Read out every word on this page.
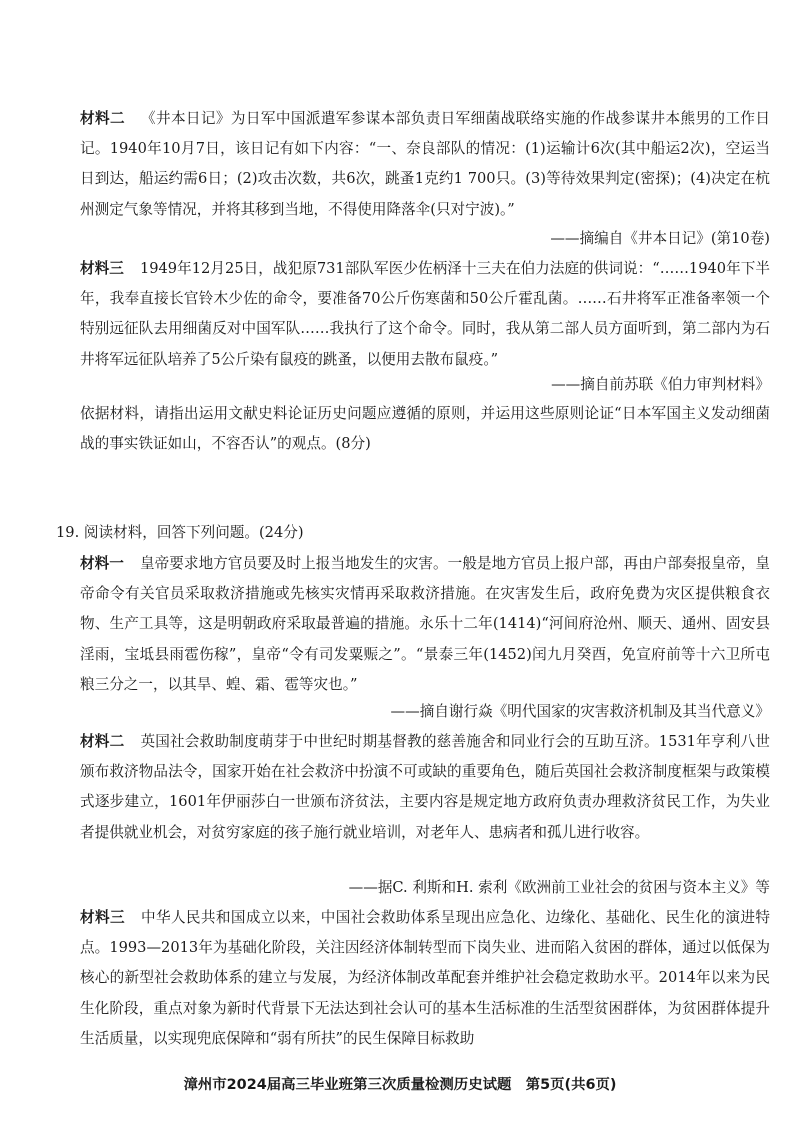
材料二 《井本日记》为日军中国派遣军参谋本部负责日军细菌战联络实施的作战参谋井本熊男的工作日记。1940年10月7日，该日记有如下内容：“一、奈良部队的情况：(1)运输计6次(其中船运2次)，空运当日到达，船运约需6日；(2)攻击次数，共6次，跳蚤1克约1 700只。(3)等待效果判定(密探)；(4)决定在杭州测定气象等情况，并将其移到当地，不得使用降落伞(只对宁波)。”

——摘编自《井本日记》(第10卷)

材料三 1949年12月25日，战犯原731部队军医少佐柄泽十三夫在伯力法庭的供词说：“……1940年下半年，我奉直接长官铃木少佐的命令，要准备70公斤伤寒菌和50公斤霍乱菌。……石井将军正准备率领一个特别远征队去用细菌反对中国军队……我执行了这个命令。同时，我从第二部人员方面听到，第二部内为石井将军远征队培养了5公斤染有鼠疫的跳蚤，以便用去散布鼠疫。”

——摘自前苏联《伯力审判材料》

依据材料，请指出运用文献史料论证历史问题应遵循的原则，并运用这些原则论证“日本军国主义发动细菌战的事实铁证如山，不容否认”的观点。(8分)

19. 阅读材料，回答下列问题。(24分)

材料一 皇帝要求地方官员要及时上报当地发生的灾害。一般是地方官员上报户部，再由户部奏报皇帝，皇帝命令有关官员采取救济措施或先核实灾情再采取救济措施。在灾害发生后，政府免费为灾区提供粮食衣物、生产工具等，这是明朝政府采取最普遍的措施。永乐十二年(1414)“河间府沧州、顺天、通州、固安县淫雨，宝坻县雨雹伤稼”，皇帝“令有司发粟赈之”。“景泰三年(1452)闰九月癸酉，免宣府前等十六卫所屯粮三分之一，以其旱、蝗、霜、雹等灾也。”

——摘自谢行焱《明代国家的灾害救济机制及其当代意义》

材料二 英国社会救助制度萌芽于中世纪时期基督教的慈善施舍和同业行会的互助互济。1531年亨利八世颁布救济物品法令，国家开始在社会救济中扮演不可或缺的重要角色，随后英国社会救济制度框架与政策模式逐步建立，1601年伊丽莎白一世颁布济贫法，主要内容是规定地方政府负责办理救济贫民工作，为失业者提供就业机会，对贫穷家庭的孩子施行就业培训，对老年人、患病者和孤儿进行收容。

——据C. 利斯和H. 索利《欧洲前工业社会的贫困与资本主义》等

材料三 中华人民共和国成立以来，中国社会救助体系呈现出应急化、边缘化、基础化、民生化的演进特点。1993—2013年为基础化阶段，关注因经济体制转型而下岗失业、进而陷入贫困的群体，通过以低保为核心的新型社会救助体系的建立与发展，为经济体制改革配套并维护社会稳定救助水平。2014年以来为民生化阶段，重点对象为新时代背景下无法达到社会认可的基本生活标准的生活型贫困群体，为贫困群体提升生活质量，以实现兜底保障和“弱有所扶”的民生保障目标救助

漳州市2024届高三毕业班第三次质量检测历史试题　第5页(共6页)
